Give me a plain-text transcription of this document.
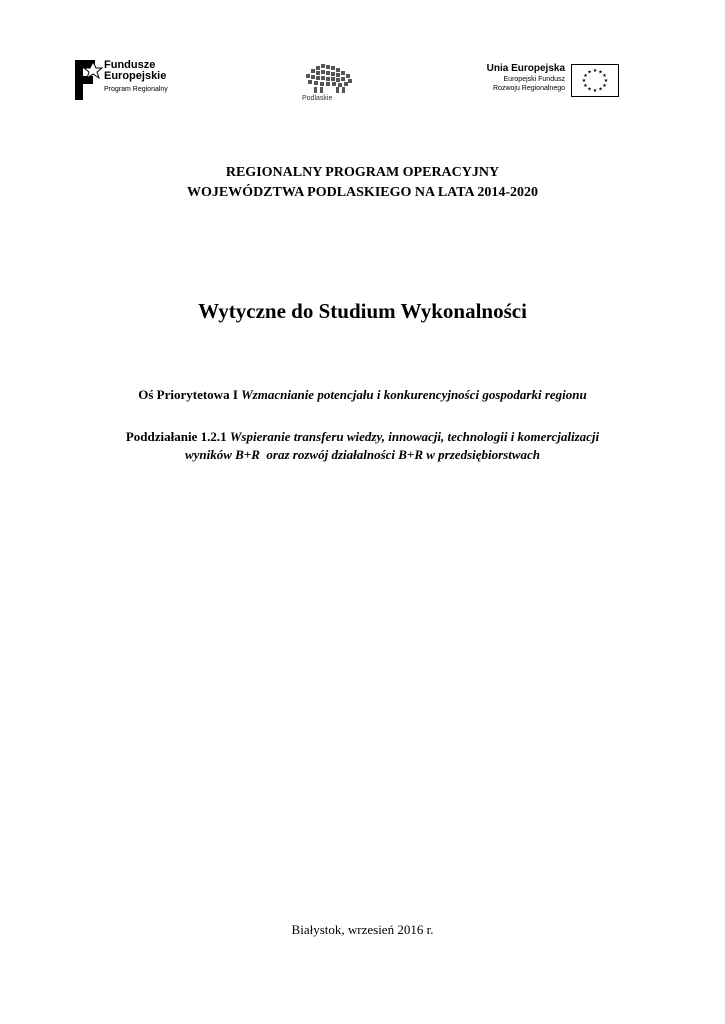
Fundusze
Europejskie
Program Regionalny
Podlaskie
Unia Europejska
Europejski Fundusz
Rozwoju Regionalnego
★ ★
★
★
★
★
★
★
★
★
★
★
REGIONALNY PROGRAM OPERACYJNY
WOJEWÓDZTWA PODLASKIEGO NA LATA 2014-2020
Wytyczne do Studium Wykonalności
Oś Priorytetowa I Wzmacnianie potencjału i konkurencyjności gospodarki regionu
Poddziałanie 1.2.1 Wspieranie transferu wiedzy, innowacji, technologii i komercjalizacji
wyników B+R  oraz rozwój działalności B+R w przedsiębiorstwach
Białystok, wrzesień 2016 r.
